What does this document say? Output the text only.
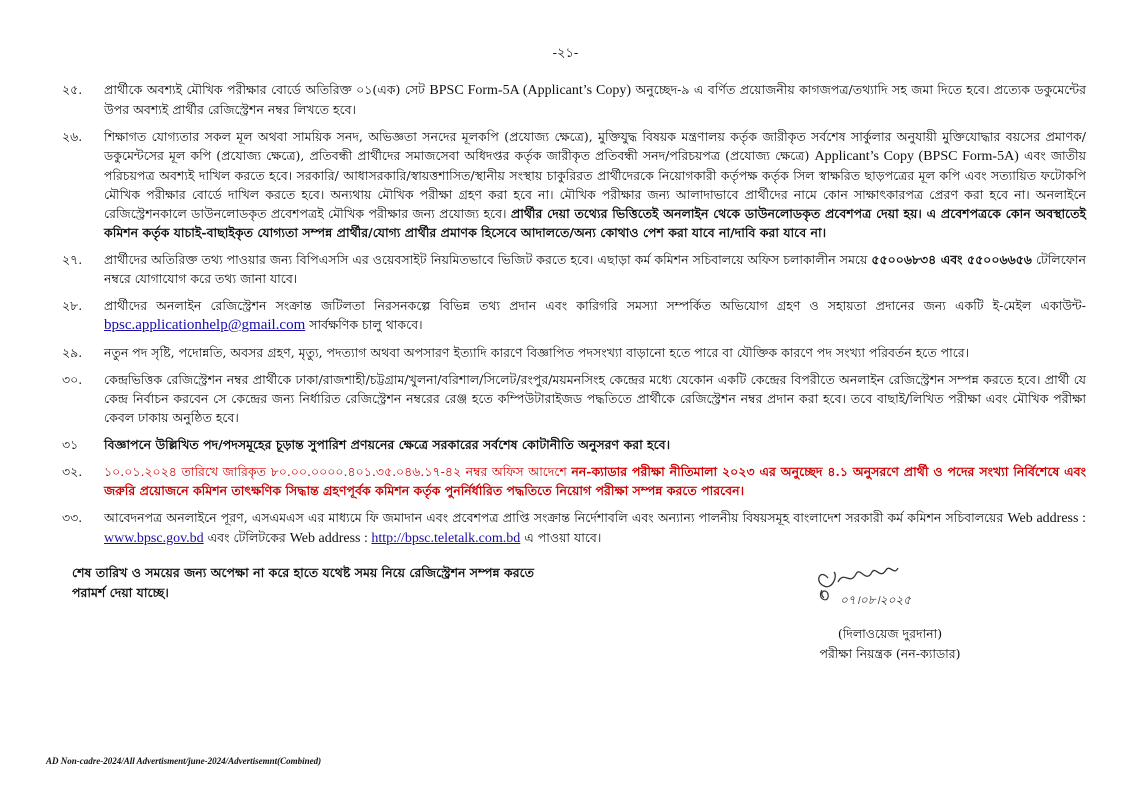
-২১-
২৫.	প্রার্থীকে অবশ্যই মৌখিক পরীক্ষার বোর্ডে অতিরিক্ত ০১(এক) সেট BPSC Form-5A (Applicant’s Copy) অনুচ্ছেদ-৯ এ বর্ণিত প্রয়োজনীয় কাগজপত্র/তথ্যাদি সহ জমা দিতে হবে। প্রত্যেক ডকুমেন্টের উপর অবশ্যই প্রার্থীর রেজিস্ট্রেশন নম্বর লিখতে হবে।
২৬.	শিক্ষাগত যোগ্যতার সকল মূল অথবা সাময়িক সনদ, অভিজ্ঞতা সনদের মূলকপি (প্রযোজ্য ক্ষেত্রে), মুক্তিযুদ্ধ বিষয়ক মন্ত্রণালয় কর্তৃক জারীকৃত সর্বশেষ সার্কুলার অনুযায়ী মুক্তিযোদ্ধার বয়সের প্রমাণক/ ডকুমেন্টসের মূল কপি (প্রযোজ্য ক্ষেত্রে), প্রতিবন্ধী প্রার্থীদের সমাজসেবা অধিদপ্তর কর্তৃক জারীকৃত প্রতিবন্ধী সনদ/পরিচয়পত্র (প্রযোজ্য ক্ষেত্রে) Applicant’s Copy (BPSC Form-5A) এবং জাতীয় পরিচয়পত্র অবশ্যই দাখিল করতে হবে। সরকারি/ আধাসরকারি/স্বায়ত্তশাসিত/স্থানীয় সংস্থায় চাকুরিরত প্রার্থীদেরকে নিয়োগকারী কর্তৃপক্ষ কর্তৃক সিল স্বাক্ষরিত ছাড়পত্রের মূল কপি এবং সত্যায়িত ফটোকপি মৌখিক পরীক্ষার বোর্ডে দাখিল করতে হবে। অন্যথায় মৌখিক পরীক্ষা গ্রহণ করা হবে না। মৌখিক পরীক্ষার জন্য আলাদাভাবে প্রার্থীদের নামে কোন সাক্ষাৎকারপত্র প্রেরণ করা হবে না। অনলাইনে রেজিস্ট্রেশনকালে ডাউনলোডকৃত প্রবেশপত্রই মৌখিক পরীক্ষার জন্য প্রযোজ্য হবে। প্রার্থীর দেয়া তথ্যের ভিত্তিতেই অনলাইন থেকে ডাউনলোডকৃত প্রবেশপত্র দেয়া হয়। এ প্রবেশপত্রকে কোন অবস্থাতেই কমিশন কর্তৃক যাচাই-বাছাইকৃত যোগ্যতা সম্পন্ন প্রার্থীর/যোগ্য প্রার্থীর প্রমাণক হিসেবে আদালতে/অন্য কোথাও পেশ করা যাবে না/দাবি করা যাবে না।
২৭.	প্রার্থীদের অতিরিক্ত তথ্য পাওয়ার জন্য বিপিএসসি এর ওয়েবসাইট নিয়মিতভাবে ভিজিট করতে হবে। এছাড়া কর্ম কমিশন সচিবালয়ে অফিস চলাকালীন সময়ে ৫৫০০৬৮৩৪ এবং ৫৫০০৬৬৫৬ টেলিফোন নম্বরে যোগাযোগ করে তথ্য জানা যাবে।
২৮.	প্রার্থীদের অনলাইন রেজিস্ট্রেশন সংক্রান্ত জটিলতা নিরসনকল্পে বিভিন্ন তথ্য প্রদান এবং কারিগরি সমস্যা সম্পর্কিত অভিযোগ গ্রহণ ও সহায়তা প্রদানের জন্য একটি ই-মেইল একাউন্ট- bpsc.applicationhelp@gmail.com সার্বক্ষণিক চালু থাকবে।
২৯.	নতুন পদ সৃষ্টি, পদোন্নতি, অবসর গ্রহণ, মৃত্যু, পদত্যাগ অথবা অপসারণ ইত্যাদি কারণে বিজ্ঞাপিত পদসংখ্যা বাড়ানো হতে পারে বা যৌক্তিক কারণে পদ সংখ্যা পরিবর্তন হতে পারে।
৩০.	কেন্দ্রভিত্তিক রেজিস্ট্রেশন নম্বর প্রার্থীকে ঢাকা/রাজশাহী/চট্টগ্রাম/খুলনা/বরিশাল/সিলেট/রংপুর/ময়মনসিংহ কেন্দ্রের মধ্যে যেকোন একটি কেন্দ্রের বিপরীতে অনলাইন রেজিস্ট্রেশন সম্পন্ন করতে হবে। প্রার্থী যে কেন্দ্র নির্বাচন করবেন সে কেন্দ্রের জন্য নির্ধারিত রেজিস্ট্রেশন নম্বরের রেঞ্জ হতে কম্পিউটারাইজড পদ্ধতিতে প্রার্থীকে রেজিস্ট্রেশন নম্বর প্রদান করা হবে। তবে বাছাই/লিখিত পরীক্ষা এবং মৌখিক পরীক্ষা কেবল ঢাকায় অনুষ্ঠিত হবে।
৩১	বিজ্ঞাপনে উল্লিখিত পদ/পদসমূহের চূড়ান্ত সুপারিশ প্রণয়নের ক্ষেত্রে সরকারের সর্বশেষ কোটানীতি অনুসরণ করা হবে।
৩২.	১০.০১.২০২৪ তারিখে জারিকৃত ৮০.০০.০০০০.৪০১.৩৫.০৪৬.১৭-৪২ নম্বর অফিস আদেশে নন-ক্যাডার পরীক্ষা নীতিমালা ২০২৩ এর অনুচ্ছেদ ৪.১ অনুসরণে প্রার্থী ও পদের সংখ্যা নির্বিশেষে এবং জরুরি প্রয়োজনে কমিশন তাৎক্ষণিক সিদ্ধান্ত গ্রহণপূর্বক কমিশন কর্তৃক পুনর্নির্ধারিত পদ্ধতিতে নিয়োগ পরীক্ষা সম্পন্ন করতে পারবেন।
৩৩.	আবেদনপত্র অনলাইনে পূরণ, এসএমএস এর মাধ্যমে ফি জমাদান এবং প্রবেশপত্র প্রাপ্তি সংক্রান্ত নির্দেশাবলি এবং অন্যান্য পালনীয় বিষয়সমূহ বাংলাদেশ সরকারী কর্ম কমিশন সচিবালয়ের Web address : www.bpsc.gov.bd এবং টেলিটকের Web address : http://bpsc.teletalk.com.bd এ পাওয়া যাবে।
শেষ তারিখ ও সময়ের জন্য অপেক্ষা না করে হাতে যথেষ্ট সময় নিয়ে রেজিস্ট্রেশন সম্পন্ন করতে পরামর্শ দেয়া যাচ্ছে।	০৭।০৮।২০২৫
(দিলাওয়েজ দুরদানা)
পরীক্ষা নিয়ন্ত্রক (নন-ক্যাডার)
AD Non-cadre-2024/All Advertisment/june-2024/Advertisemnt(Combined)
